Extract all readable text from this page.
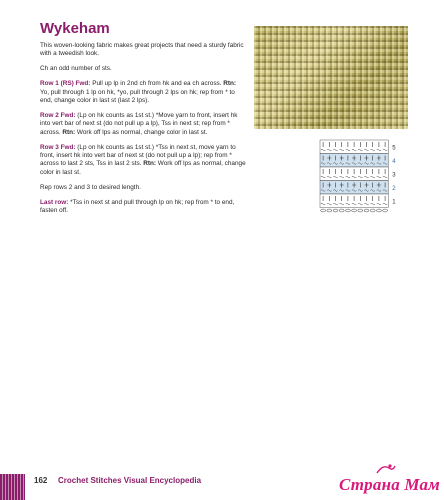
Wykeham

This woven-looking fabric makes great projects that need a sturdy fabric with a tweedish look.

Ch an odd number of sts.

Row 1 (RS) Fwd: Pull up lp in 2nd ch from hk and ea ch across. Rtn: Yo, pull through 1 lp on hk, *yo, pull through 2 lps on hk; rep from * to end, change color in last st (last 2 lps).

Row 2 Fwd: (Lp on hk counts as 1st st.) *Move yarn to front, insert hk into vert bar of next st (do not pull up a lp), Tss in next st; rep from * across. Rtn: Work off lps as normal, change color in last st.

Row 3 Fwd: (Lp on hk counts as 1st st.) *Tss in next st, move yarn to front, insert hk into vert bar of next st (do not pull up a lp); rep from * across to last 2 sts, Tss in last 2 sts. Rtn: Work off lps as normal, change color in last st.

Rep rows 2 and 3 to desired length.

Last row: *Tss in next st and pull through lp on hk; rep from * to end, fasten off.

5
4
3
2
1
162 Crochet Stitches Visual Encyclopedia	Страна Мам
